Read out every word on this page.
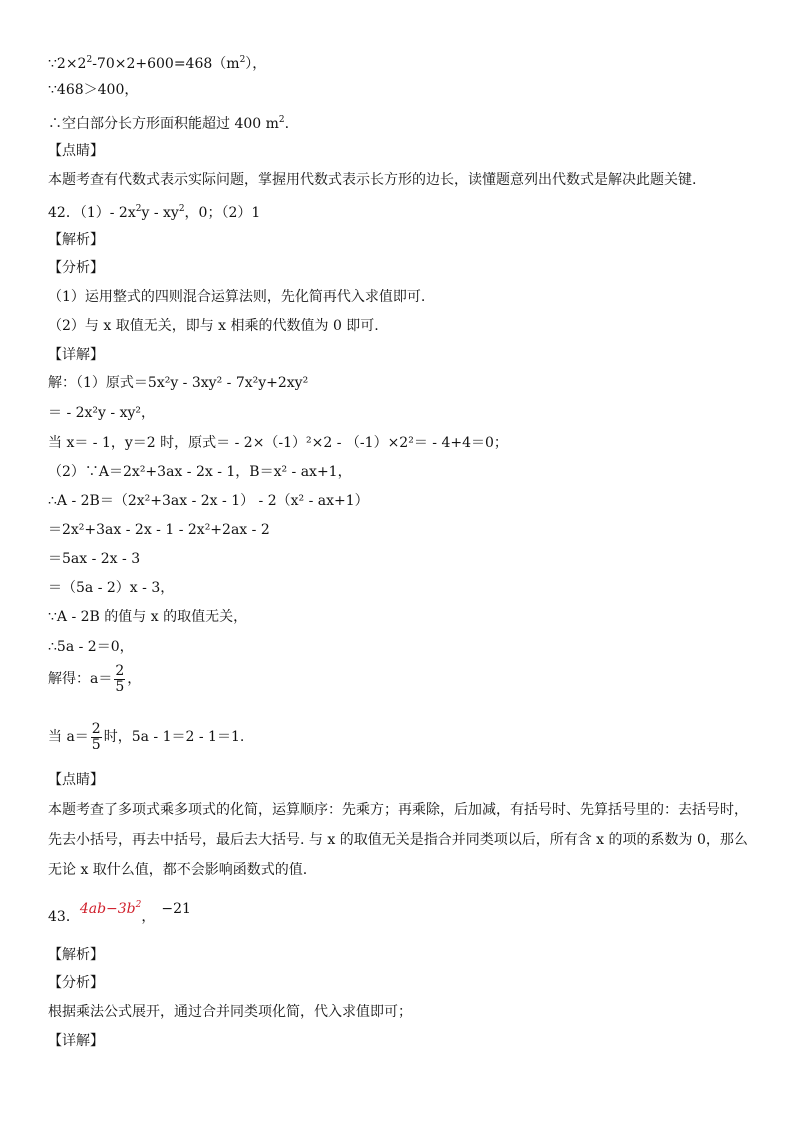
$\because 2\times 2^2-70\times 2+600=468(m^2)$，
∵468＞400，
∴空白部分长方形面积能超过 400 $m^2$.
【点睛】
本题考查有代数式表示实际问题，掌握用代数式表示长方形的边长，读懂题意列出代数式是解决此题关键.
42．（1）- $2x^2y - xy^2$，0；（2）1
【解析】
【分析】
（1）运用整式的四则混合运算法则，先化简再代入求值即可.
（2）与 x 取值无关，即与 x 相乘的代数值为 0 即可.
【详解】
解：（1）原式＝5x²y - 3xy² - 7x²y+2xy²
＝ - 2x²y - xy²，
当 x＝ - 1，y＝2 时，原式＝ - 2×（-1）²×2 - （-1）×2²＝ - 4+4＝0；
（2）∵A＝2x²+3ax - 2x - 1，B＝x² - ax+1，
∴A - 2B＝（2x²+3ax - 2x - 1） - 2（x² - ax+1）
＝2x²+3ax - 2x - 1 - 2x²+2ax - 2
＝5ax - 2x - 3
＝（5a - 2）x - 3，
∵A - 2B 的值与 x 的取值无关，
∴5a - 2＝0，
解得：$a= \frac{2}{5}$ ，
当 $a= \frac{2}{5}$ 时，5a - 1＝2 - 1＝1.
【点睛】
本题考查了多项式乘多项式的化简，运算顺序：先乘方；再乘除，后加减，有括号时、先算括号里的：去括号时，
先去小括号，再去中括号，最后去大括号. 与 x 的取值无关是指合并同类项以后，所有含 x 的项的系数为 0，那么
无论 x 取什么值，都不会影响函数式的值.
43．$4ab-3b^2$， −21
【解析】
【分析】
根据乘法公式展开，通过合并同类项化简，代入求值即可；
【详解】
